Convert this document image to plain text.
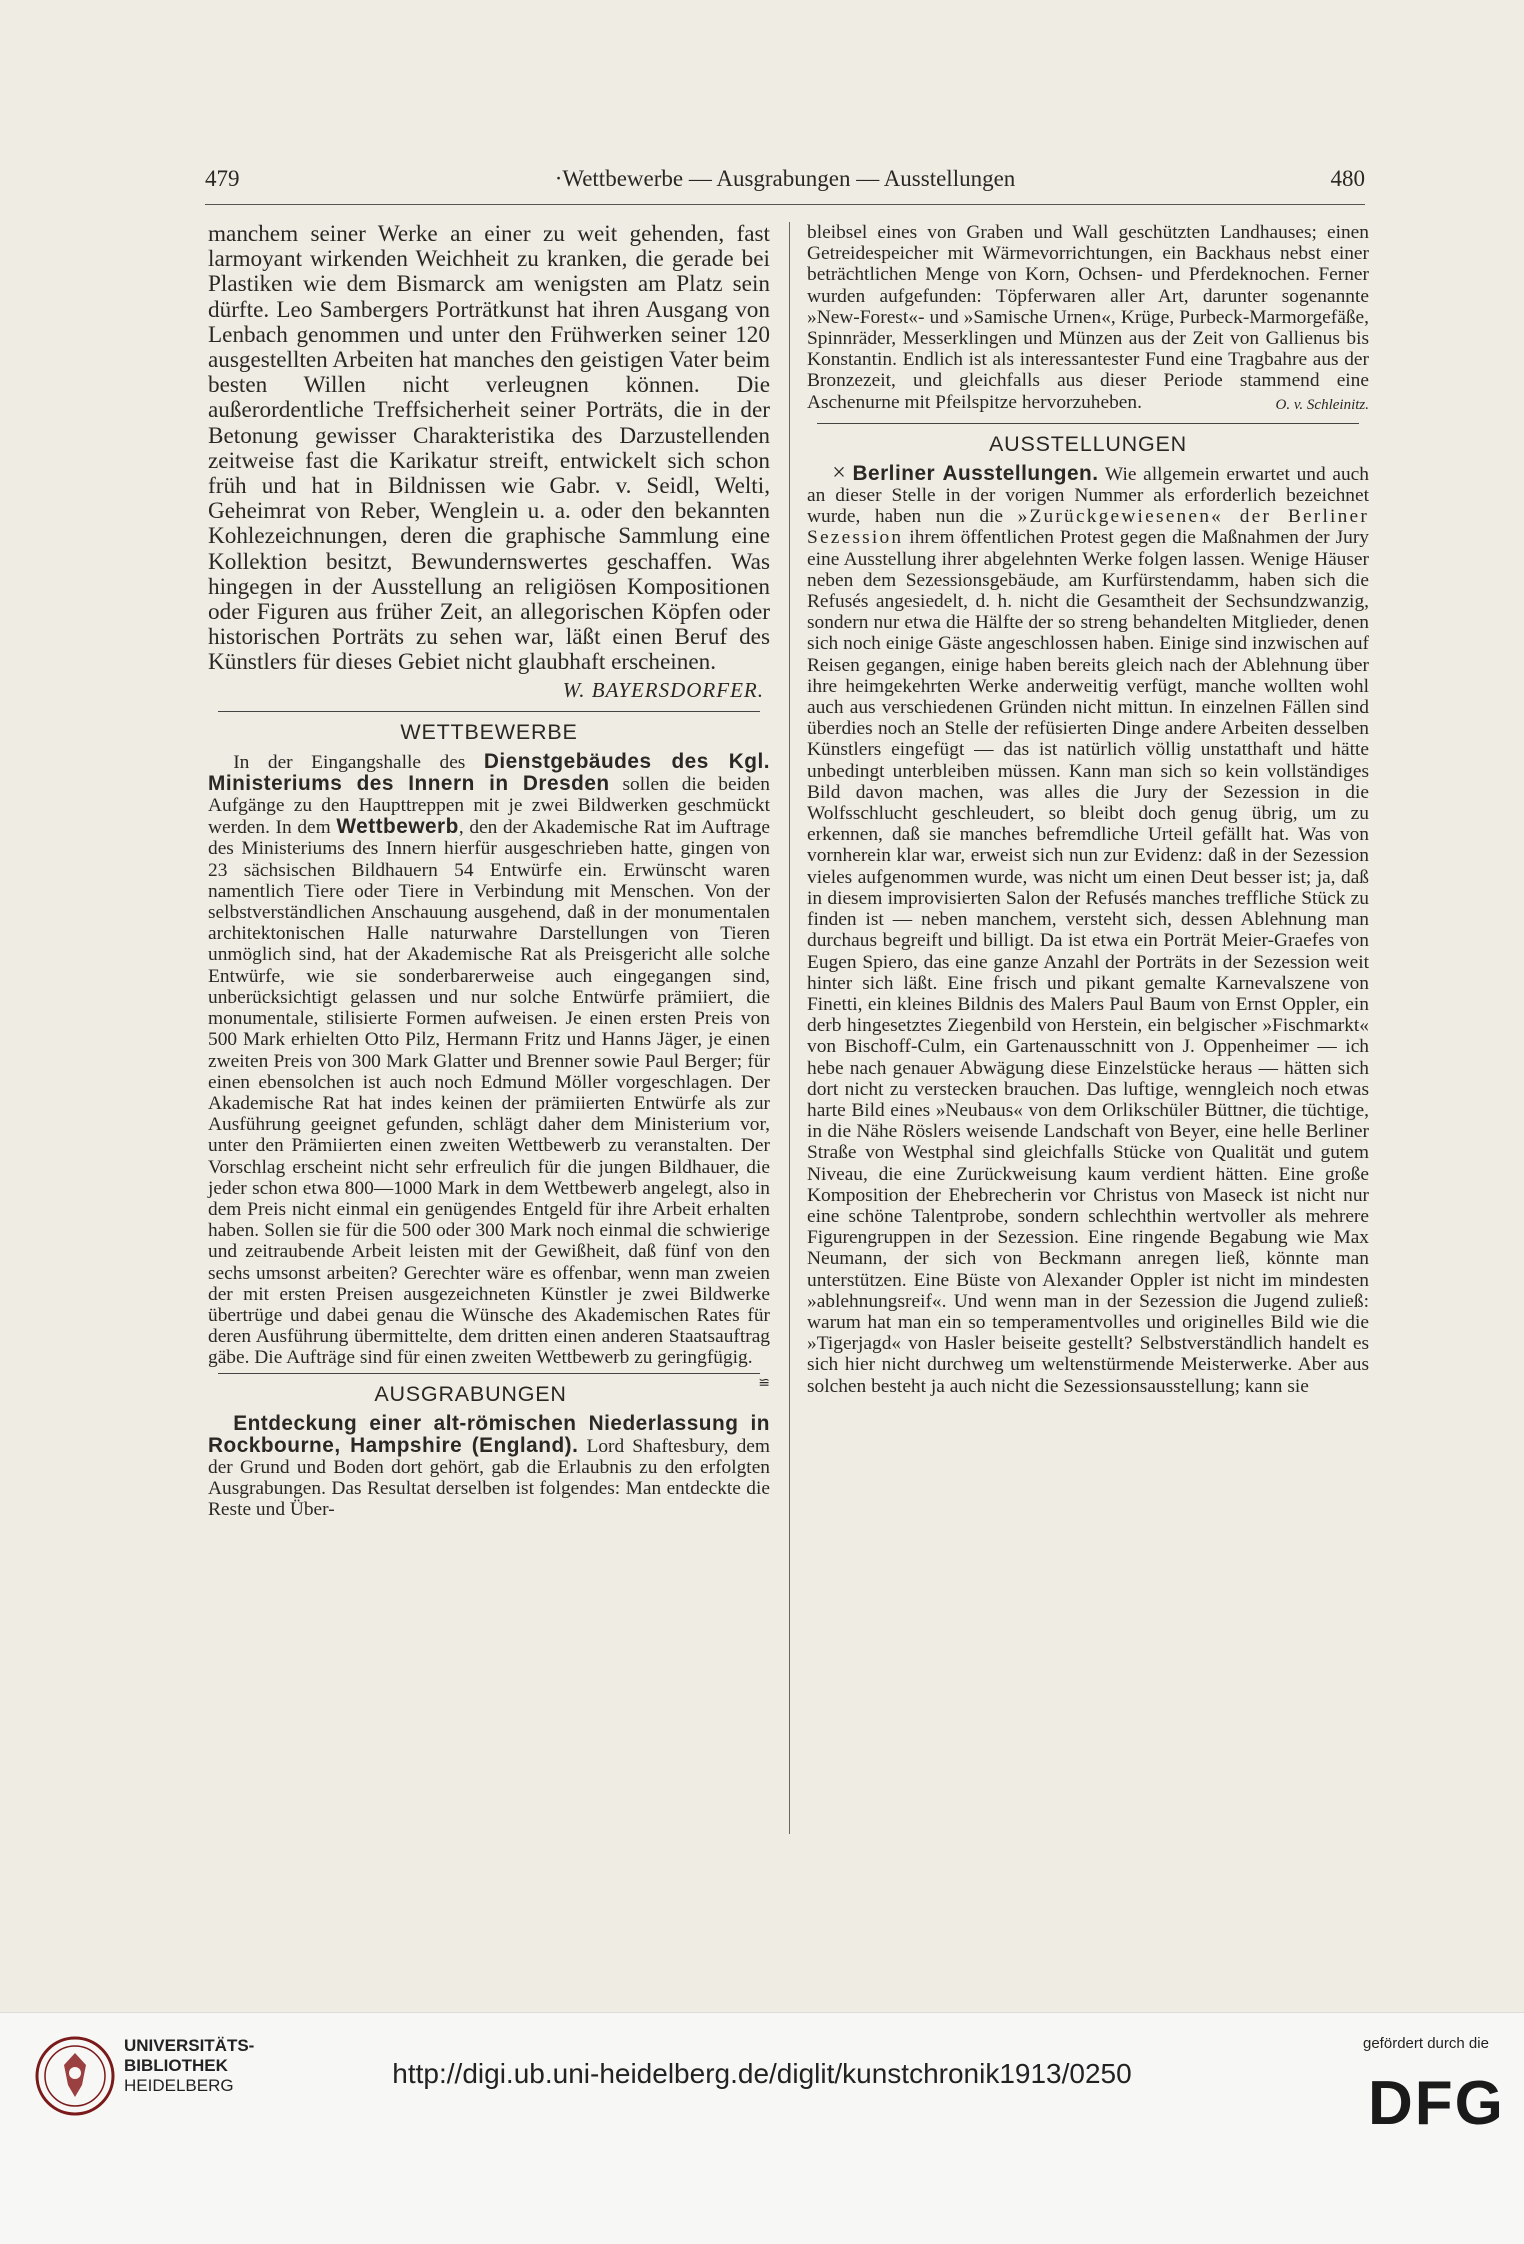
479	·Wettbewerbe — Ausgrabungen — Ausstellungen	480

manchem seiner Werke an einer zu weit gehenden, fast larmoyant wirkenden Weichheit zu kranken, die gerade bei Plastiken wie dem Bismarck am wenigsten am Platz sein dürfte. Leo Sambergers Porträtkunst hat ihren Ausgang von Lenbach genommen und unter den Frühwerken seiner 120 ausgestellten Arbeiten hat manches den geistigen Vater beim besten Willen nicht verleugnen können. Die außerordentliche Treffsicherheit seiner Porträts, die in der Betonung gewisser Charakteristika des Darzustellenden zeitweise fast die Karikatur streift, entwickelt sich schon früh und hat in Bildnissen wie Gabr. v. Seidl, Welti, Geheimrat von Reber, Wenglein u. a. oder den bekannten Kohlezeichnungen, deren die graphische Sammlung eine Kollektion besitzt, Bewundernswertes geschaffen. Was hingegen in der Ausstellung an religiösen Kompositionen oder Figuren aus früher Zeit, an allegorischen Köpfen oder historischen Porträts zu sehen war, läßt einen Beruf des Künstlers für dieses Gebiet nicht glaubhaft erscheinen.

W. BAYERSDORFER.
WETTBEWERBE

In der Eingangshalle des Dienstgebäudes des Kgl. Ministeriums des Innern in Dresden sollen die beiden Aufgänge zu den Haupttreppen mit je zwei Bildwerken geschmückt werden. In dem Wettbewerb, den der Akademische Rat im Auftrage des Ministeriums des Innern hierfür ausgeschrieben hatte, gingen von 23 sächsischen Bildhauern 54 Entwürfe ein. Erwünscht waren namentlich Tiere oder Tiere in Verbindung mit Menschen. Von der selbstverständlichen Anschauung ausgehend, daß in der monumentalen architektonischen Halle naturwahre Darstellungen von Tieren unmöglich sind, hat der Akademische Rat als Preisgericht alle solche Entwürfe, wie sie sonderbarerweise auch eingegangen sind, unberücksichtigt gelassen und nur solche Entwürfe prämiiert, die monumentale, stilisierte Formen aufweisen. Je einen ersten Preis von 500 Mark erhielten Otto Pilz, Hermann Fritz und Hanns Jäger, je einen zweiten Preis von 300 Mark Glatter und Brenner sowie Paul Berger; für einen ebensolchen ist auch noch Edmund Möller vorgeschlagen. Der Akademische Rat hat indes keinen der prämiierten Entwürfe als zur Ausführung geeignet gefunden, schlägt daher dem Ministerium vor, unter den Prämiierten einen zweiten Wettbewerb zu veranstalten. Der Vorschlag erscheint nicht sehr erfreulich für die jungen Bildhauer, die jeder schon etwa 800—1000 Mark in dem Wettbewerb angelegt, also in dem Preis nicht einmal ein genügendes Entgeld für ihre Arbeit erhalten haben. Sollen sie für die 500 oder 300 Mark noch einmal die schwierige und zeitraubende Arbeit leisten mit der Gewißheit, daß fünf von den sechs umsonst arbeiten? Gerechter wäre es offenbar, wenn man zweien der mit ersten Preisen ausgezeichneten Künstler je zwei Bildwerke übertrüge und dabei genau die Wünsche des Akademischen Rates für deren Ausführung übermittelte, dem dritten einen anderen Staatsauftrag gäbe. Die Aufträge sind für einen zweiten Wettbewerb zu geringfügig.
≌

AUSGRABUNGEN

Entdeckung einer alt-römischen Niederlassung in Rockbourne, Hampshire (England). Lord Shaftesbury, dem der Grund und Boden dort gehört, gab die Erlaubnis zu den erfolgten Ausgrabungen. Das Resultat derselben ist folgendes: Man entdeckte die Reste und Über-

bleibsel eines von Graben und Wall geschützten Landhauses; einen Getreidespeicher mit Wärmevorrichtungen, ein Backhaus nebst einer beträchtlichen Menge von Korn, Ochsen- und Pferdeknochen. Ferner wurden aufgefunden: Töpferwaren aller Art, darunter sogenannte »New-Forest«- und »Samische Urnen«, Krüge, Purbeck-Marmorgefäße, Spinnräder, Messerklingen und Münzen aus der Zeit von Gallienus bis Konstantin. Endlich ist als interessantester Fund eine Tragbahre aus der Bronzezeit, und gleichfalls aus dieser Periode stammend eine Aschenurne mit Pfeilspitze hervorzuheben.	O. v. Schleinitz.

AUSSTELLUNGEN

× Berliner Ausstellungen. Wie allgemein erwartet und auch an dieser Stelle in der vorigen Nummer als erforderlich bezeichnet wurde, haben nun die »Zurückgewiesenen« der Berliner Sezession ihrem öffentlichen Protest gegen die Maßnahmen der Jury eine Ausstellung ihrer abgelehnten Werke folgen lassen. Wenige Häuser neben dem Sezessionsgebäude, am Kurfürstendamm, haben sich die Refusés angesiedelt, d. h. nicht die Gesamtheit der Sechsundzwanzig, sondern nur etwa die Hälfte der so streng behandelten Mitglieder, denen sich noch einige Gäste angeschlossen haben. Einige sind inzwischen auf Reisen gegangen, einige haben bereits gleich nach der Ablehnung über ihre heimgekehrten Werke anderweitig verfügt, manche wollten wohl auch aus verschiedenen Gründen nicht mittun. In einzelnen Fällen sind überdies noch an Stelle der refüsierten Dinge andere Arbeiten desselben Künstlers eingefügt — das ist natürlich völlig unstatthaft und hätte unbedingt unterbleiben müssen. Kann man sich so kein vollständiges Bild davon machen, was alles die Jury der Sezession in die Wolfsschlucht geschleudert, so bleibt doch genug übrig, um zu erkennen, daß sie manches befremdliche Urteil gefällt hat. Was von vornherein klar war, erweist sich nun zur Evidenz: daß in der Sezession vieles aufgenommen wurde, was nicht um einen Deut besser ist; ja, daß in diesem improvisierten Salon der Refusés manches treffliche Stück zu finden ist — neben manchem, versteht sich, dessen Ablehnung man durchaus begreift und billigt. Da ist etwa ein Porträt Meier-Graefes von Eugen Spiero, das eine ganze Anzahl der Porträts in der Sezession weit hinter sich läßt. Eine frisch und pikant gemalte Karnevalszene von Finetti, ein kleines Bildnis des Malers Paul Baum von Ernst Oppler, ein derb hingesetztes Ziegenbild von Herstein, ein belgischer »Fischmarkt« von Bischoff-Culm, ein Gartenausschnitt von J. Oppenheimer — ich hebe nach genauer Abwägung diese Einzelstücke heraus — hätten sich dort nicht zu verstecken brauchen. Das luftige, wenngleich noch etwas harte Bild eines »Neubaus« von dem Orlikschüler Büttner, die tüchtige, in die Nähe Röslers weisende Landschaft von Beyer, eine helle Berliner Straße von Westphal sind gleichfalls Stücke von Qualität und gutem Niveau, die eine Zurückweisung kaum verdient hätten. Eine große Komposition der Ehebrecherin vor Christus von Maseck ist nicht nur eine schöne Talentprobe, sondern schlechthin wertvoller als mehrere Figurengruppen in der Sezession. Eine ringende Begabung wie Max Neumann, der sich von Beckmann anregen ließ, könnte man unterstützen. Eine Büste von Alexander Oppler ist nicht im mindesten »ablehnungsreif«. Und wenn man in der Sezession die Jugend zuließ: warum hat man ein so temperamentvolles und originelles Bild wie die »Tigerjagd« von Hasler beiseite gestellt? Selbstverständlich handelt es sich hier nicht durchweg um weltenstürmende Meisterwerke. Aber aus solchen besteht ja auch nicht die Sezessionsausstellung; kann sie

UNIVERSITÄTS-
BIBLIOTHEK
HEIDELBERG	http://digi.ub.uni-heidelberg.de/diglit/kunstchronik1913/0250
gefördert durch die
DFG
